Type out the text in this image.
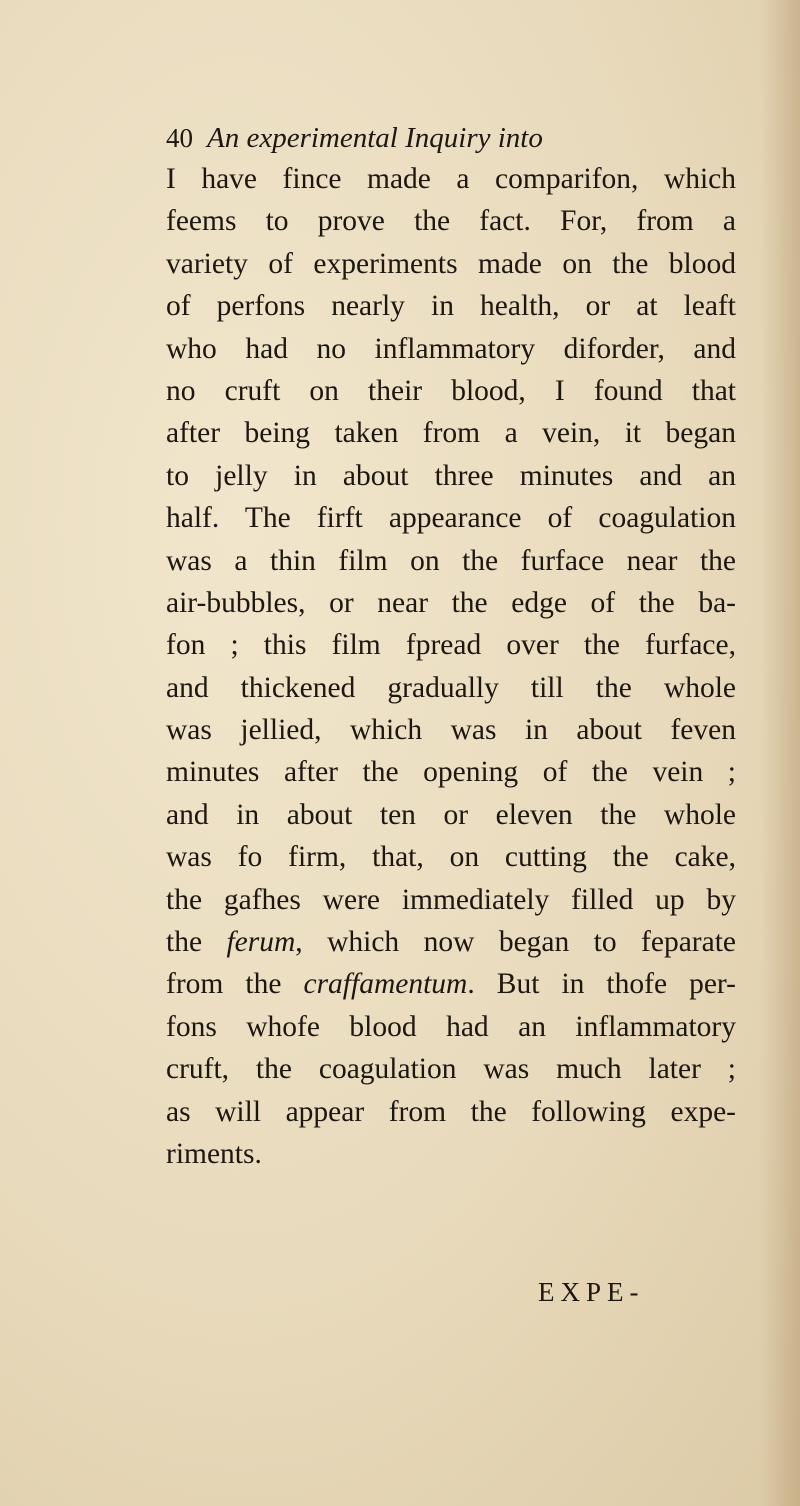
40 An experimental Inquiry into
I have fince made a comparifon, which
feems to prove the fact. For, from a
variety of experiments made on the blood
of perfons nearly in health, or at leaft
who had no inflammatory diforder, and
no cruft on their blood, I found that
after being taken from a vein, it began
to jelly in about three minutes and an
half. The firft appearance of coagulation
was a thin film on the furface near the
air-bubbles, or near the edge of the ba-
fon ; this film fpread over the furface,
and thickened gradually till the whole
was jellied, which was in about feven
minutes after the opening of the vein ;
and in about ten or eleven the whole
was fo firm, that, on cutting the cake,
the gafhes were immediately filled up by
the ferum, which now began to feparate
from the craffamentum. But in thofe per-
fons whofe blood had an inflammatory
cruft, the coagulation was much later ;
as will appear from the following expe-
riments.
EXPE-
